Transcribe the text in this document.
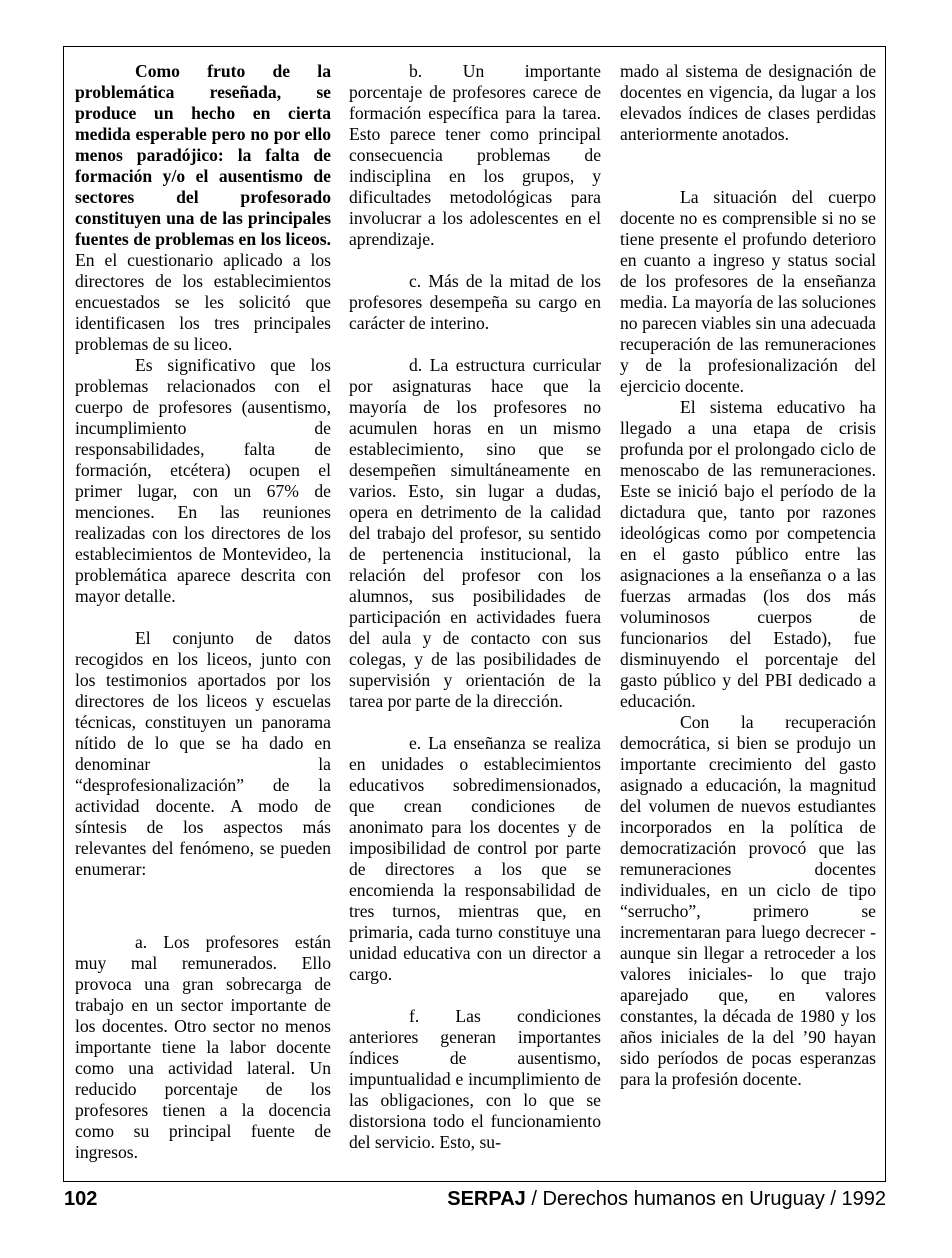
Como fruto de la problemática reseñada, se produce un hecho en cierta medida esperable pero no por ello menos paradójico: la falta de formación y/o el ausentismo de sectores del profesorado constituyen una de las principales fuentes de problemas en los liceos. En el cuestionario aplicado a los directores de los establecimientos encuestados se les solicitó que identificasen los tres principales problemas de su liceo.

Es significativo que los problemas relacionados con el cuerpo de profesores (ausentismo, incumplimiento de responsabilidades, falta de formación, etcétera) ocupen el primer lugar, con un 67% de menciones. En las reuniones realizadas con los directores de los establecimientos de Montevideo, la problemática aparece descrita con mayor detalle.

El conjunto de datos recogidos en los liceos, junto con los testimonios aportados por los directores de los liceos y escuelas técnicas, constituyen un panorama nítido de lo que se ha dado en denominar la “desprofesionalización” de la actividad docente. A modo de síntesis de los aspectos más relevantes del fenómeno, se pueden enumerar:

a. Los profesores están muy mal remunerados. Ello provoca una gran sobrecarga de trabajo en un sector importante de los docentes. Otro sector no menos importante tiene la labor docente como una actividad lateral. Un reducido porcentaje de los profesores tienen a la docencia como su principal fuente de ingresos.

b. Un importante porcentaje de profesores carece de formación específica para la tarea. Esto parece tener como principal consecuencia problemas de indisciplina en los grupos, y dificultades metodológicas para involucrar a los adolescentes en el aprendizaje.

c. Más de la mitad de los profesores desempeña su cargo en carácter de interino.

d. La estructura curricular por asignaturas hace que la mayoría de los profesores no acumulen horas en un mismo establecimiento, sino que se desempeñen simultáneamente en varios. Esto, sin lugar a dudas, opera en detrimento de la calidad del trabajo del profesor, su sentido de pertenencia institucional, la relación del profesor con los alumnos, sus posibilidades de participación en actividades fuera del aula y de contacto con sus colegas, y de las posibilidades de supervisión y orientación de la tarea por parte de la dirección.

e. La enseñanza se realiza en unidades o establecimientos educativos sobredimensionados, que crean condiciones de anonimato para los docentes y de imposibilidad de control por parte de directores a los que se encomienda la responsabilidad de tres turnos, mientras que, en primaria, cada turno constituye una unidad educativa con un director a cargo.

f. Las condiciones anteriores generan importantes índices de ausentismo, impuntualidad e incumplimiento de las obligaciones, con lo que se distorsiona todo el funcionamiento del servicio. Esto, su-

mado al sistema de designación de docentes en vigencia, da lugar a los elevados índices de clases perdidas anteriormente anotados.

La situación del cuerpo docente no es comprensible si no se tiene presente el profundo deterioro en cuanto a ingreso y status social de los profesores de la enseñanza media. La mayoría de las soluciones no parecen viables sin una adecuada recuperación de las remuneraciones y de la profesionalización del ejercicio docente.

El sistema educativo ha llegado a una etapa de crisis profunda por el prolongado ciclo de menoscabo de las remuneraciones. Este se inició bajo el período de la dictadura que, tanto por razones ideológicas como por competencia en el gasto público entre las asignaciones a la enseñanza o a las fuerzas armadas (los dos más voluminosos cuerpos de funcionarios del Estado), fue disminuyendo el porcentaje del gasto público y del PBI dedicado a educación.

Con la recuperación democrática, si bien se produjo un importante crecimiento del gasto asignado a educación, la magnitud del volumen de nuevos estudiantes incorporados en la política de democratización provocó que las remuneraciones docentes individuales, en un ciclo de tipo “serrucho”, primero se incrementaran para luego decrecer -aunque sin llegar a retroceder a los valores iniciales- lo que trajo aparejado que, en valores constantes, la década de 1980 y los años iniciales de la del ’90 hayan sido períodos de pocas esperanzas para la profesión docente.

102	SERPAJ / Derechos humanos en Uruguay / 1992
